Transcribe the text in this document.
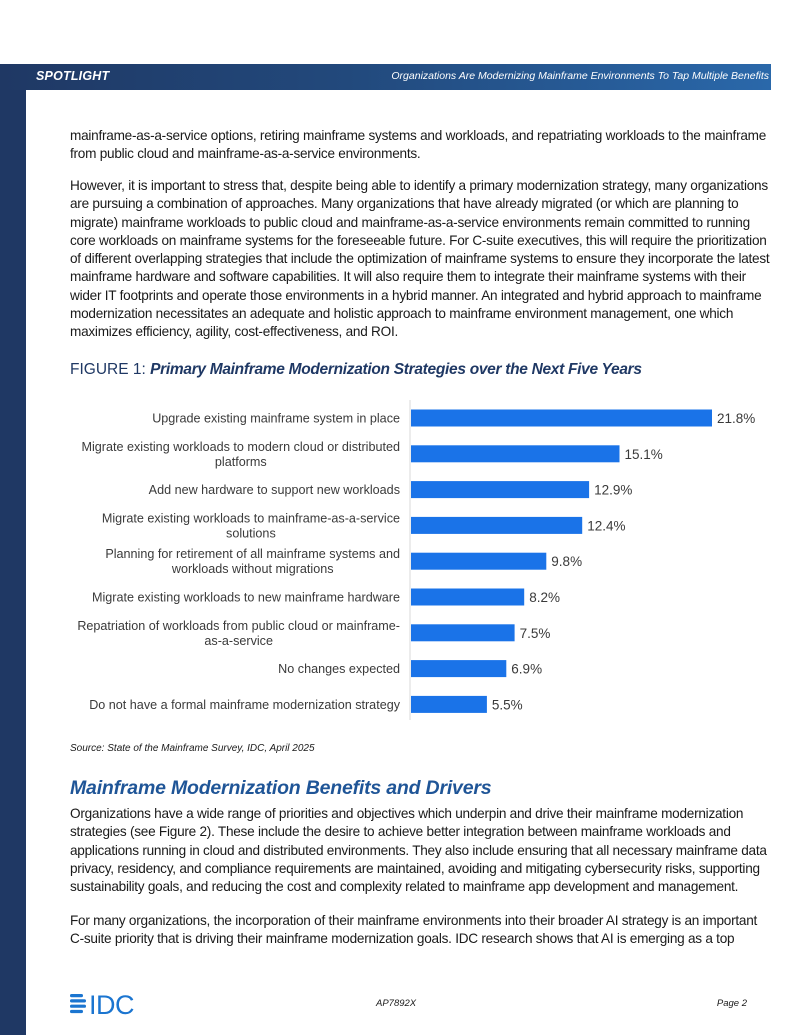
SPOTLIGHT	Organizations Are Modernizing Mainframe Environments To Tap Multiple Benefits

mainframe-as-a-service options, retiring mainframe systems and workloads, and repatriating workloads to the mainframe from public cloud and mainframe-as-a-service environments.

However, it is important to stress that, despite being able to identify a primary modernization strategy, many organizations are pursuing a combination of approaches. Many organizations that have already migrated (or which are planning to migrate) mainframe workloads to public cloud and mainframe-as-a-service environments remain committed to running core workloads on mainframe systems for the foreseeable future. For C-suite executives, this will require the prioritization of different overlapping strategies that include the optimization of mainframe systems to ensure they incorporate the latest mainframe hardware and software capabilities. It will also require them to integrate their mainframe systems with their wider IT footprints and operate those environments in a hybrid manner. An integrated and hybrid approach to mainframe modernization necessitates an adequate and holistic approach to mainframe environment management, one which maximizes efficiency, agility, cost-effectiveness, and ROI.

FIGURE 1: Primary Mainframe Modernization Strategies over the Next Five Years
21.8%
Upgrade existing mainframe system in place
15.1%
Migrate existing workloads to modern cloud or distributed
platforms
12.9%
Add new hardware to support new workloads
12.4%
Migrate existing workloads to mainframe-as-a-service
solutions
9.8%
Planning for retirement of all mainframe systems and
workloads without migrations
8.2%
Migrate existing workloads to new mainframe hardware
7.5%
Repatriation of workloads from public cloud or mainframe-
as-a-service
6.9%
No changes expected
5.5%
Do not have a formal mainframe modernization strategy
Source: State of the Mainframe Survey, IDC, April 2025
Mainframe Modernization Benefits and Drivers

Organizations have a wide range of priorities and objectives which underpin and drive their mainframe modernization strategies (see Figure 2). These include the desire to achieve better integration between mainframe workloads and applications running in cloud and distributed environments. They also include ensuring that all necessary mainframe data privacy, residency, and compliance requirements are maintained, avoiding and mitigating cybersecurity risks, supporting sustainability goals, and reducing the cost and complexity related to mainframe app development and management.

For many organizations, the incorporation of their mainframe environments into their broader AI strategy is an important C-suite priority that is driving their mainframe modernization goals. IDC research shows that AI is emerging as a top

IDC	AP7892X	Page 2
